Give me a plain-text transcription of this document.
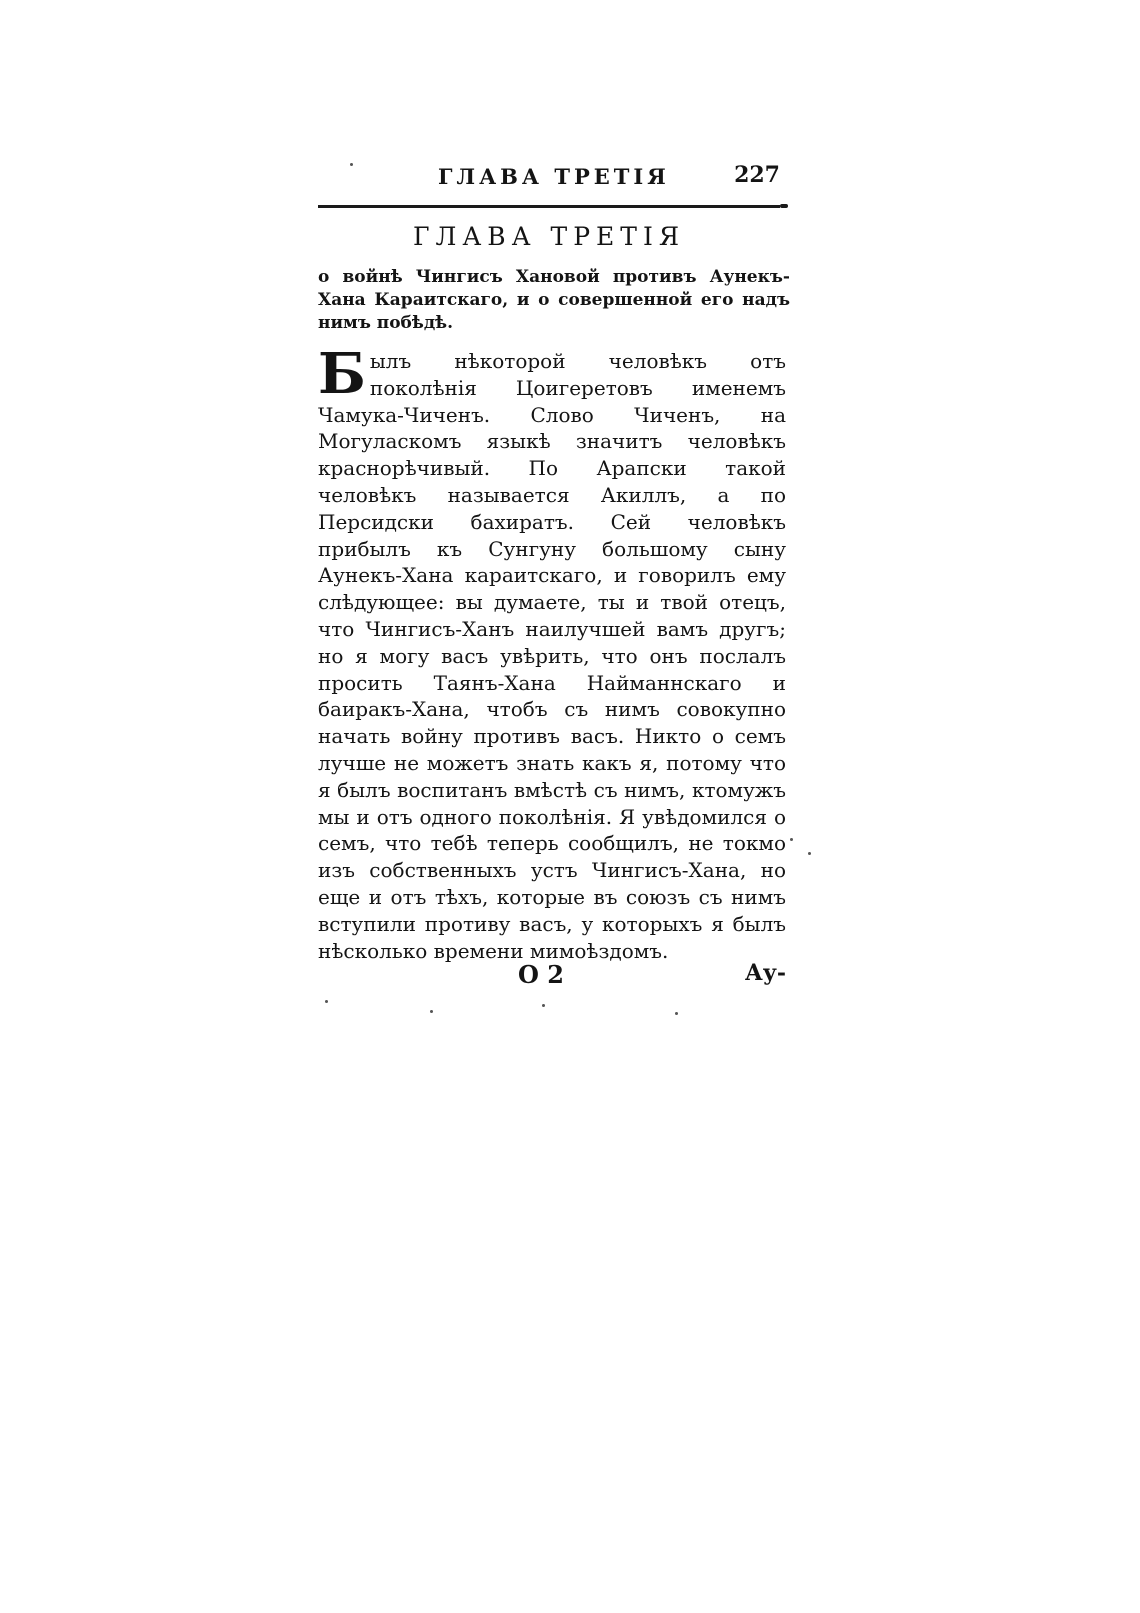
ГЛАВА ТРЕТІЯ	227
ГЛАВА ТРЕТІЯ
о войнѣ Чингисъ Хановой противъ Аунекъ-Хана Караитскаго, и о совершенной его надъ нимъ побѣдѣ.
Былъ нѣкоторой человѣкъ отъ поколѣнія Цоигеретовъ именемъ Чамука-Чиченъ. Слово Чиченъ, на Могуласкомъ языкѣ значитъ человѣкъ краснорѣчивый. По Арапски такой человѣкъ называется Акиллъ, а по Персидски бахиратъ. Сей человѣкъ прибылъ къ Сунгуну большому сыну Аунекъ-Хана караитскаго, и говорилъ ему слѣдующее: вы думаете, ты и твой отецъ, что Чингисъ-Ханъ наилучшей вамъ другъ; но я могу васъ увѣрить, что онъ послалъ просить Таянъ-Хана Найманнскаго и баиракъ-Хана, чтобъ съ нимъ совокупно начать войну противъ васъ. Никто о семъ лучше не можетъ знать какъ я, потому что я былъ воспитанъ вмѣстѣ съ нимъ, ктомужъ мы и отъ одного поколѣнія. Я увѣдомился о семъ, что тебѣ теперь сообщилъ, не токмо изъ собственныхъ устъ Чингисъ-Хана, но еще и отъ тѣхъ, которые въ союзъ съ нимъ вступили противу васъ, у которыхъ я былъ нѣсколько времени мимоѣздомъ.
О 2	Ау-
